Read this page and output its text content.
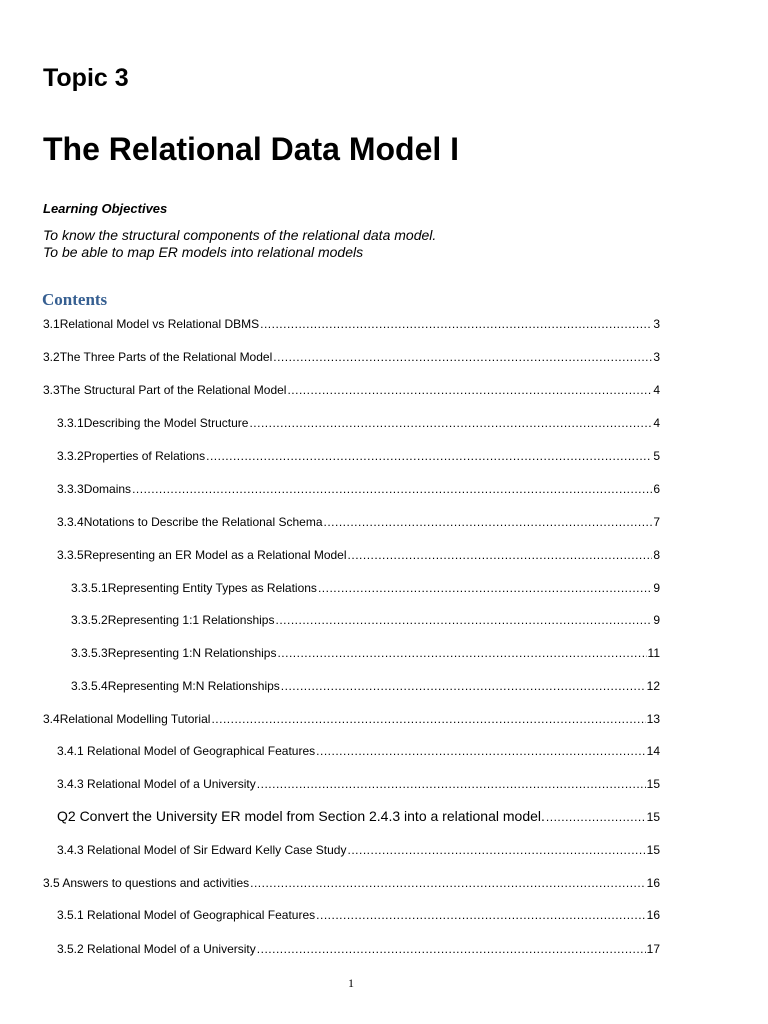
Topic 3
The Relational Data Model I
Learning Objectives
To know the structural components of the relational data model.
To be able to map ER models into relational models
Contents
3.1 Relational Model vs Relational DBMS .....	3
3.2 The Three Parts of the Relational Model .....	3
3.3 The Structural Part of the Relational Model .....	4
3.3.1 Describing the Model Structure .....	4
3.3.2 Properties of Relations .....	5
3.3.3 Domains .....	6
3.3.4 Notations to Describe the Relational Schema .....	7
3.3.5 Representing an ER Model as a Relational Model .....	8
3.3.5.1 Representing Entity Types as Relations .....	9
3.3.5.2 Representing 1:1 Relationships .....	9
3.3.5.3 Representing 1:N Relationships .....	11
3.3.5.4 Representing M:N Relationships .....	12
3.4 Relational Modelling Tutorial .....	13
3.4.1 Relational Model of Geographical Features .....	14
3.4.3 Relational Model of a University .....	15
Q2 Convert the University ER model from Section 2.4.3 into a relational model. .....	15
3.4.3 Relational Model of Sir Edward Kelly Case Study .....	15
3.5 Answers to questions and activities .....	16
3.5.1 Relational Model of Geographical Features .....	16
3.5.2 Relational Model of a University .....	17
1
